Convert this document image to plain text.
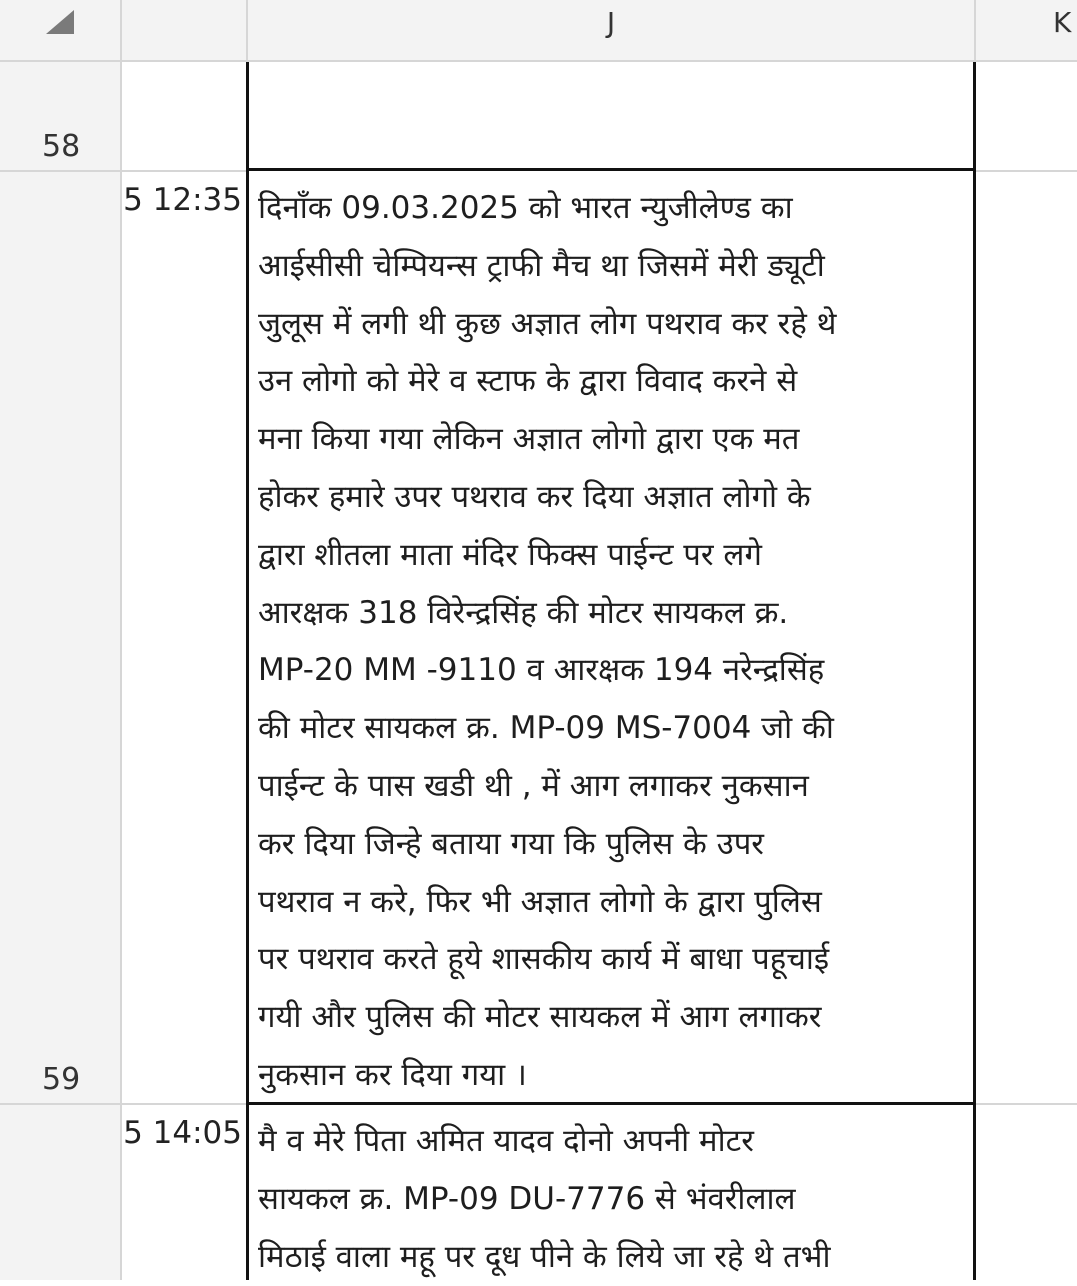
J	K
58
59
5 12:35 दिनाँक 09.03.2025 को भारत न्युजीलेण्ड का
आईसीसी चेम्पियन्स ट्राफी मैच था जिसमें मेरी ड्यूटी
जुलूस में लगी थी कुछ अज्ञात लोग पथराव कर रहे थे
उन लोगो को मेरे व स्टाफ के द्वारा विवाद करने से
मना किया गया लेकिन अज्ञात लोगो द्वारा एक मत
होकर हमारे उपर पथराव कर दिया अज्ञात लोगो के
द्वारा शीतला माता मंदिर फिक्स पाईन्ट पर लगे
आरक्षक 318 विरेन्द्रसिंह की मोटर सायकल क्र.
MP-20 MM -9110 व आरक्षक 194 नरेन्द्रसिंह
की मोटर सायकल क्र. MP-09 MS-7004 जो की
पाईन्ट के पास खडी थी , में आग लगाकर नुकसान
कर दिया जिन्हे बताया गया कि पुलिस के उपर
पथराव न करे, फिर भी अज्ञात लोगो के द्वारा पुलिस
पर पथराव करते हूये शासकीय कार्य में बाधा पहूचाई
गयी और पुलिस की मोटर सायकल में आग लगाकर
नुकसान कर दिया गया ।
5 14:05 मै व मेरे पिता अमित यादव दोनो अपनी मोटर
सायकल क्र. MP-09 DU-7776 से भंवरीलाल
मिठाई वाला महू पर दूध पीने के लिये जा रहे थे तभी
